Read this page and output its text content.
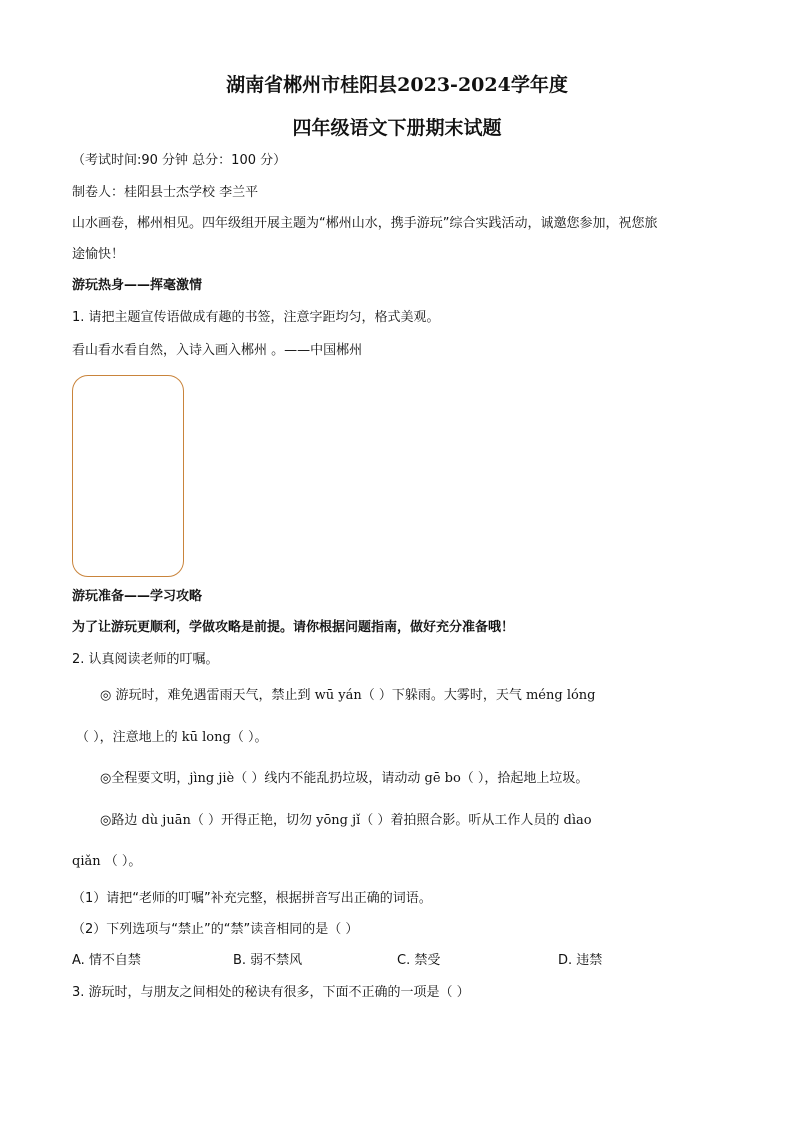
湖南省郴州市桂阳县2023-2024学年度
四年级语文下册期末试题
（考试时间:90 分钟 总分：100 分）
制卷人：桂阳县士杰学校 李兰平
山水画卷，郴州相见。四年级组开展主题为“郴州山水，携手游玩”综合实践活动，诚邀您参加，祝您旅
途愉快！
游玩热身——挥毫激情
1. 请把主题宣传语做成有趣的书签，注意字距均匀，格式美观。
看山看水看自然，入诗入画入郴州 。——中国郴州
游玩准备——学习攻略
为了让游玩更顺利，学做攻略是前提。请你根据问题指南，做好充分准备哦！
2. 认真阅读老师的叮嘱。
◎ 游玩时，难免遇雷雨天气，禁止到 wū yán（ ）下躲雨。大雾时，天气 méng lóng
（ ），注意地上的 kū long（ ）。
◎全程要文明，jìng jiè（ ）线内不能乱扔垃圾，请动动 gē bo（ ），拾起地上垃圾。
◎路边 dù juān（ ）开得正艳，切勿 yōng jǐ（ ）着拍照合影。听从工作人员的 dìao
qiǎn （ ）。
（1）请把“老师的叮嘱”补充完整，根据拼音写出正确的词语。
（2）下列选项与“禁止”的“禁”读音相同的是（ ）
A. 情不自禁	B. 弱不禁风	C. 禁受	D. 违禁
3. 游玩时，与朋友之间相处的秘诀有很多，下面不正确的一项是（ ）
